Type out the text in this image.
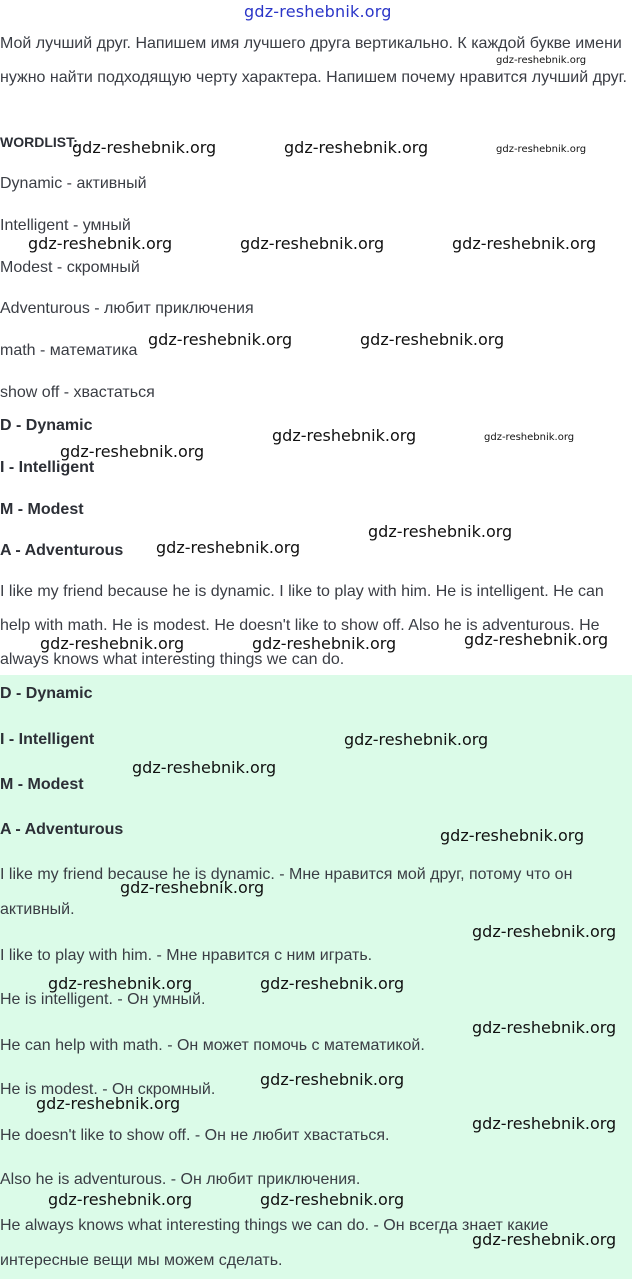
gdz-reshebnik.org
Мой лучший друг. Напишем имя лучшего друга вертикально. К каждой букве имени нужно найти подходящую черту характера. Напишем почему нравится лучший друг.
WORDLIST:
Dynamic - активный
Intelligent - умный
Modest - скромный
Adventurous - любит приключения
math - математика
show off - хвастаться
D - Dynamic
I - Intelligent
M - Modest
A - Adventurous
I like my friend because he is dynamic. I like to play with him. He is intelligent. He can help with math. He is modest. He doesn't like to show off. Also he is adventurous. He always knows what interesting things we can do.
D - Dynamic
I - Intelligent
M - Modest
A - Adventurous
I like my friend because he is dynamic. - Мне нравится мой друг, потому что он активный.
I like to play with him. - Мне нравится с ним играть.
He is intelligent. - Он умный.
He can help with math. - Он может помочь с математикой.
He is modest. - Он скромный.
He doesn't like to show off. - Он не любит хвастаться.
Also he is adventurous. - Он любит приключения.
He always knows what interesting things we can do. - Он всегда знает какие интересные вещи мы можем сделать.
gdz-reshebnik.org
gdz-reshebnik.org	gdz-reshebnik.org	gdz-reshebnik.org
gdz-reshebnik.org	gdz-reshebnik.org	gdz-reshebnik.org
gdz-reshebnik.org	gdz-reshebnik.org
gdz-reshebnik.org	gdz-reshebnik.org
gdz-reshebnik.org
gdz-reshebnik.org
gdz-reshebnik.org
gdz-reshebnik.org
gdz-reshebnik.org	gdz-reshebnik.org
gdz-reshebnik.org
gdz-reshebnik.org
gdz-reshebnik.org
gdz-reshebnik.org
gdz-reshebnik.org
gdz-reshebnik.org	gdz-reshebnik.org
gdz-reshebnik.org
gdz-reshebnik.org
gdz-reshebnik.org
gdz-reshebnik.org
gdz-reshebnik.org	gdz-reshebnik.org
gdz-reshebnik.org
